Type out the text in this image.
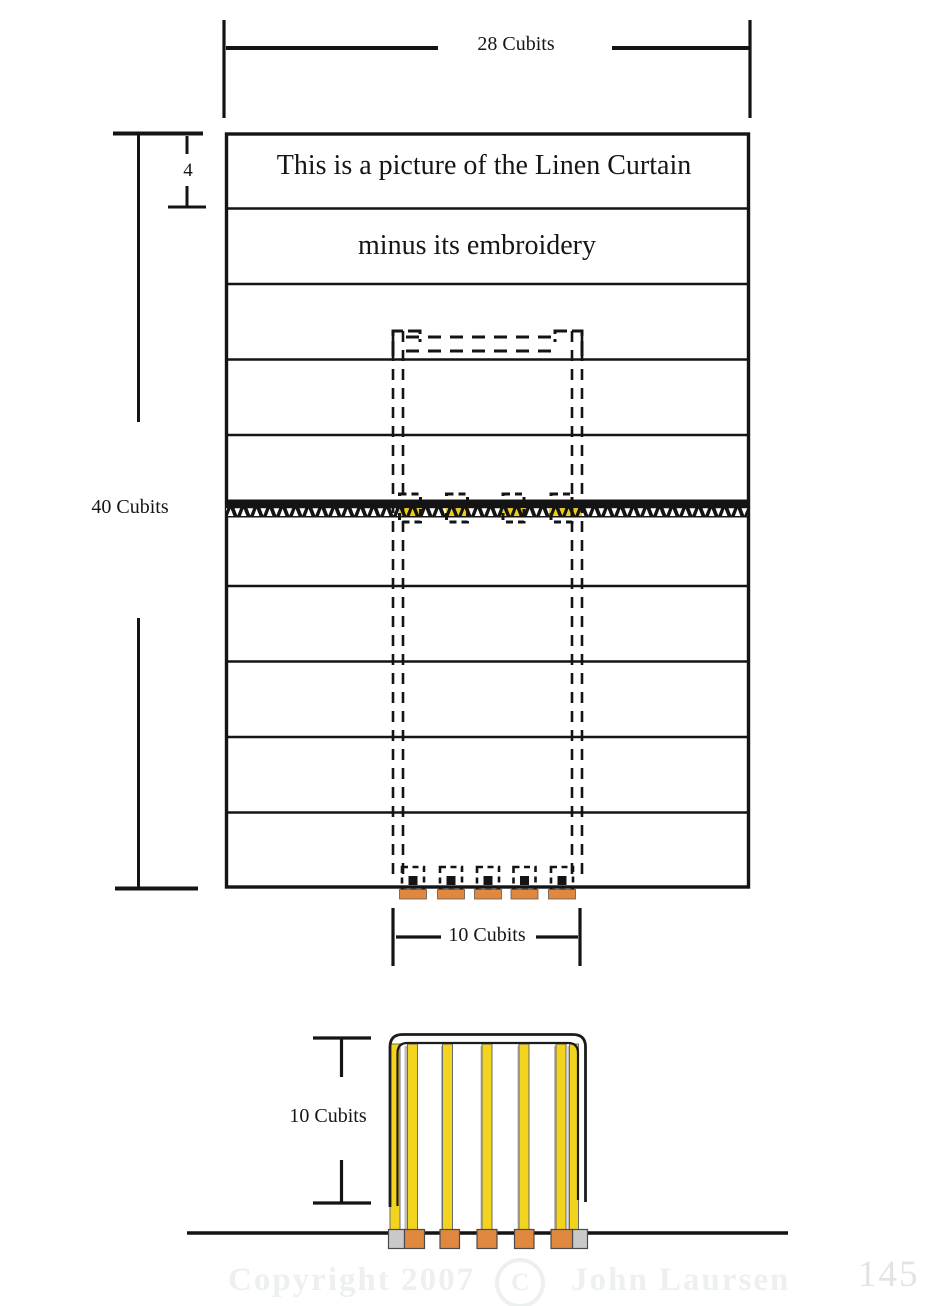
28 Cubits
This is a picture of the Linen Curtain
minus its embroidery
4
40 Cubits
10 Cubits
10 Cubits
Copyright 2007	C	John Laursen 145
